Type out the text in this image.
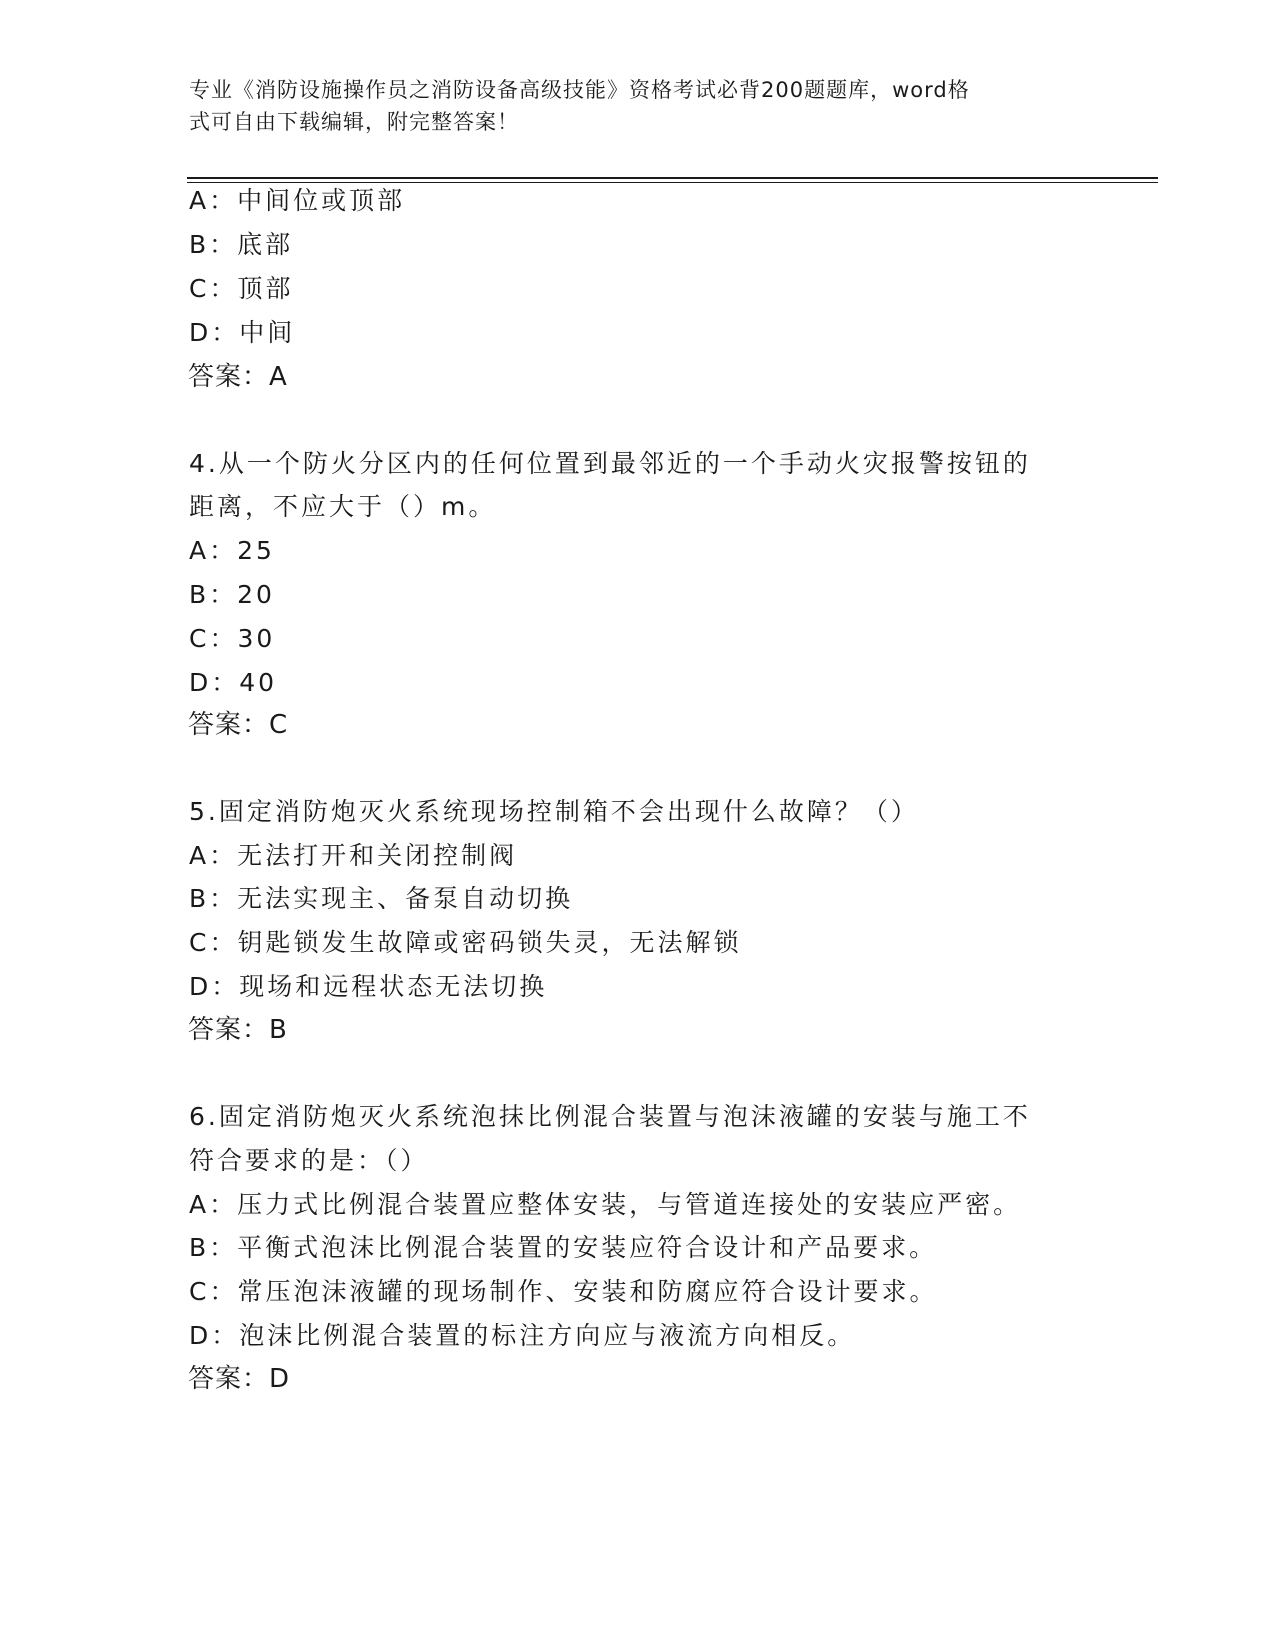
专业《消防设施操作员之消防设备高级技能》资格考试必背200题题库，word格
式可自由下载编辑，附完整答案！
A：中间位或顶部
B：底部
C：顶部
D：中间
答案：A
4.从一个防火分区内的任何位置到最邻近的一个手动火灾报警按钮的
距离，不应大于（）m。
A：25
B：20
C：30
D：40
答案：C
5.固定消防炮灭火系统现场控制箱不会出现什么故障？（）
A：无法打开和关闭控制阀
B：无法实现主、备泵自动切换
C：钥匙锁发生故障或密码锁失灵，无法解锁
D：现场和远程状态无法切换
答案：B
6.固定消防炮灭火系统泡抹比例混合装置与泡沫液罐的安装与施工不
符合要求的是：（）
A：压力式比例混合装置应整体安装，与管道连接处的安装应严密。
B：平衡式泡沫比例混合装置的安装应符合设计和产品要求。
C：常压泡沫液罐的现场制作、安装和防腐应符合设计要求。
D：泡沫比例混合装置的标注方向应与液流方向相反。
答案：D
